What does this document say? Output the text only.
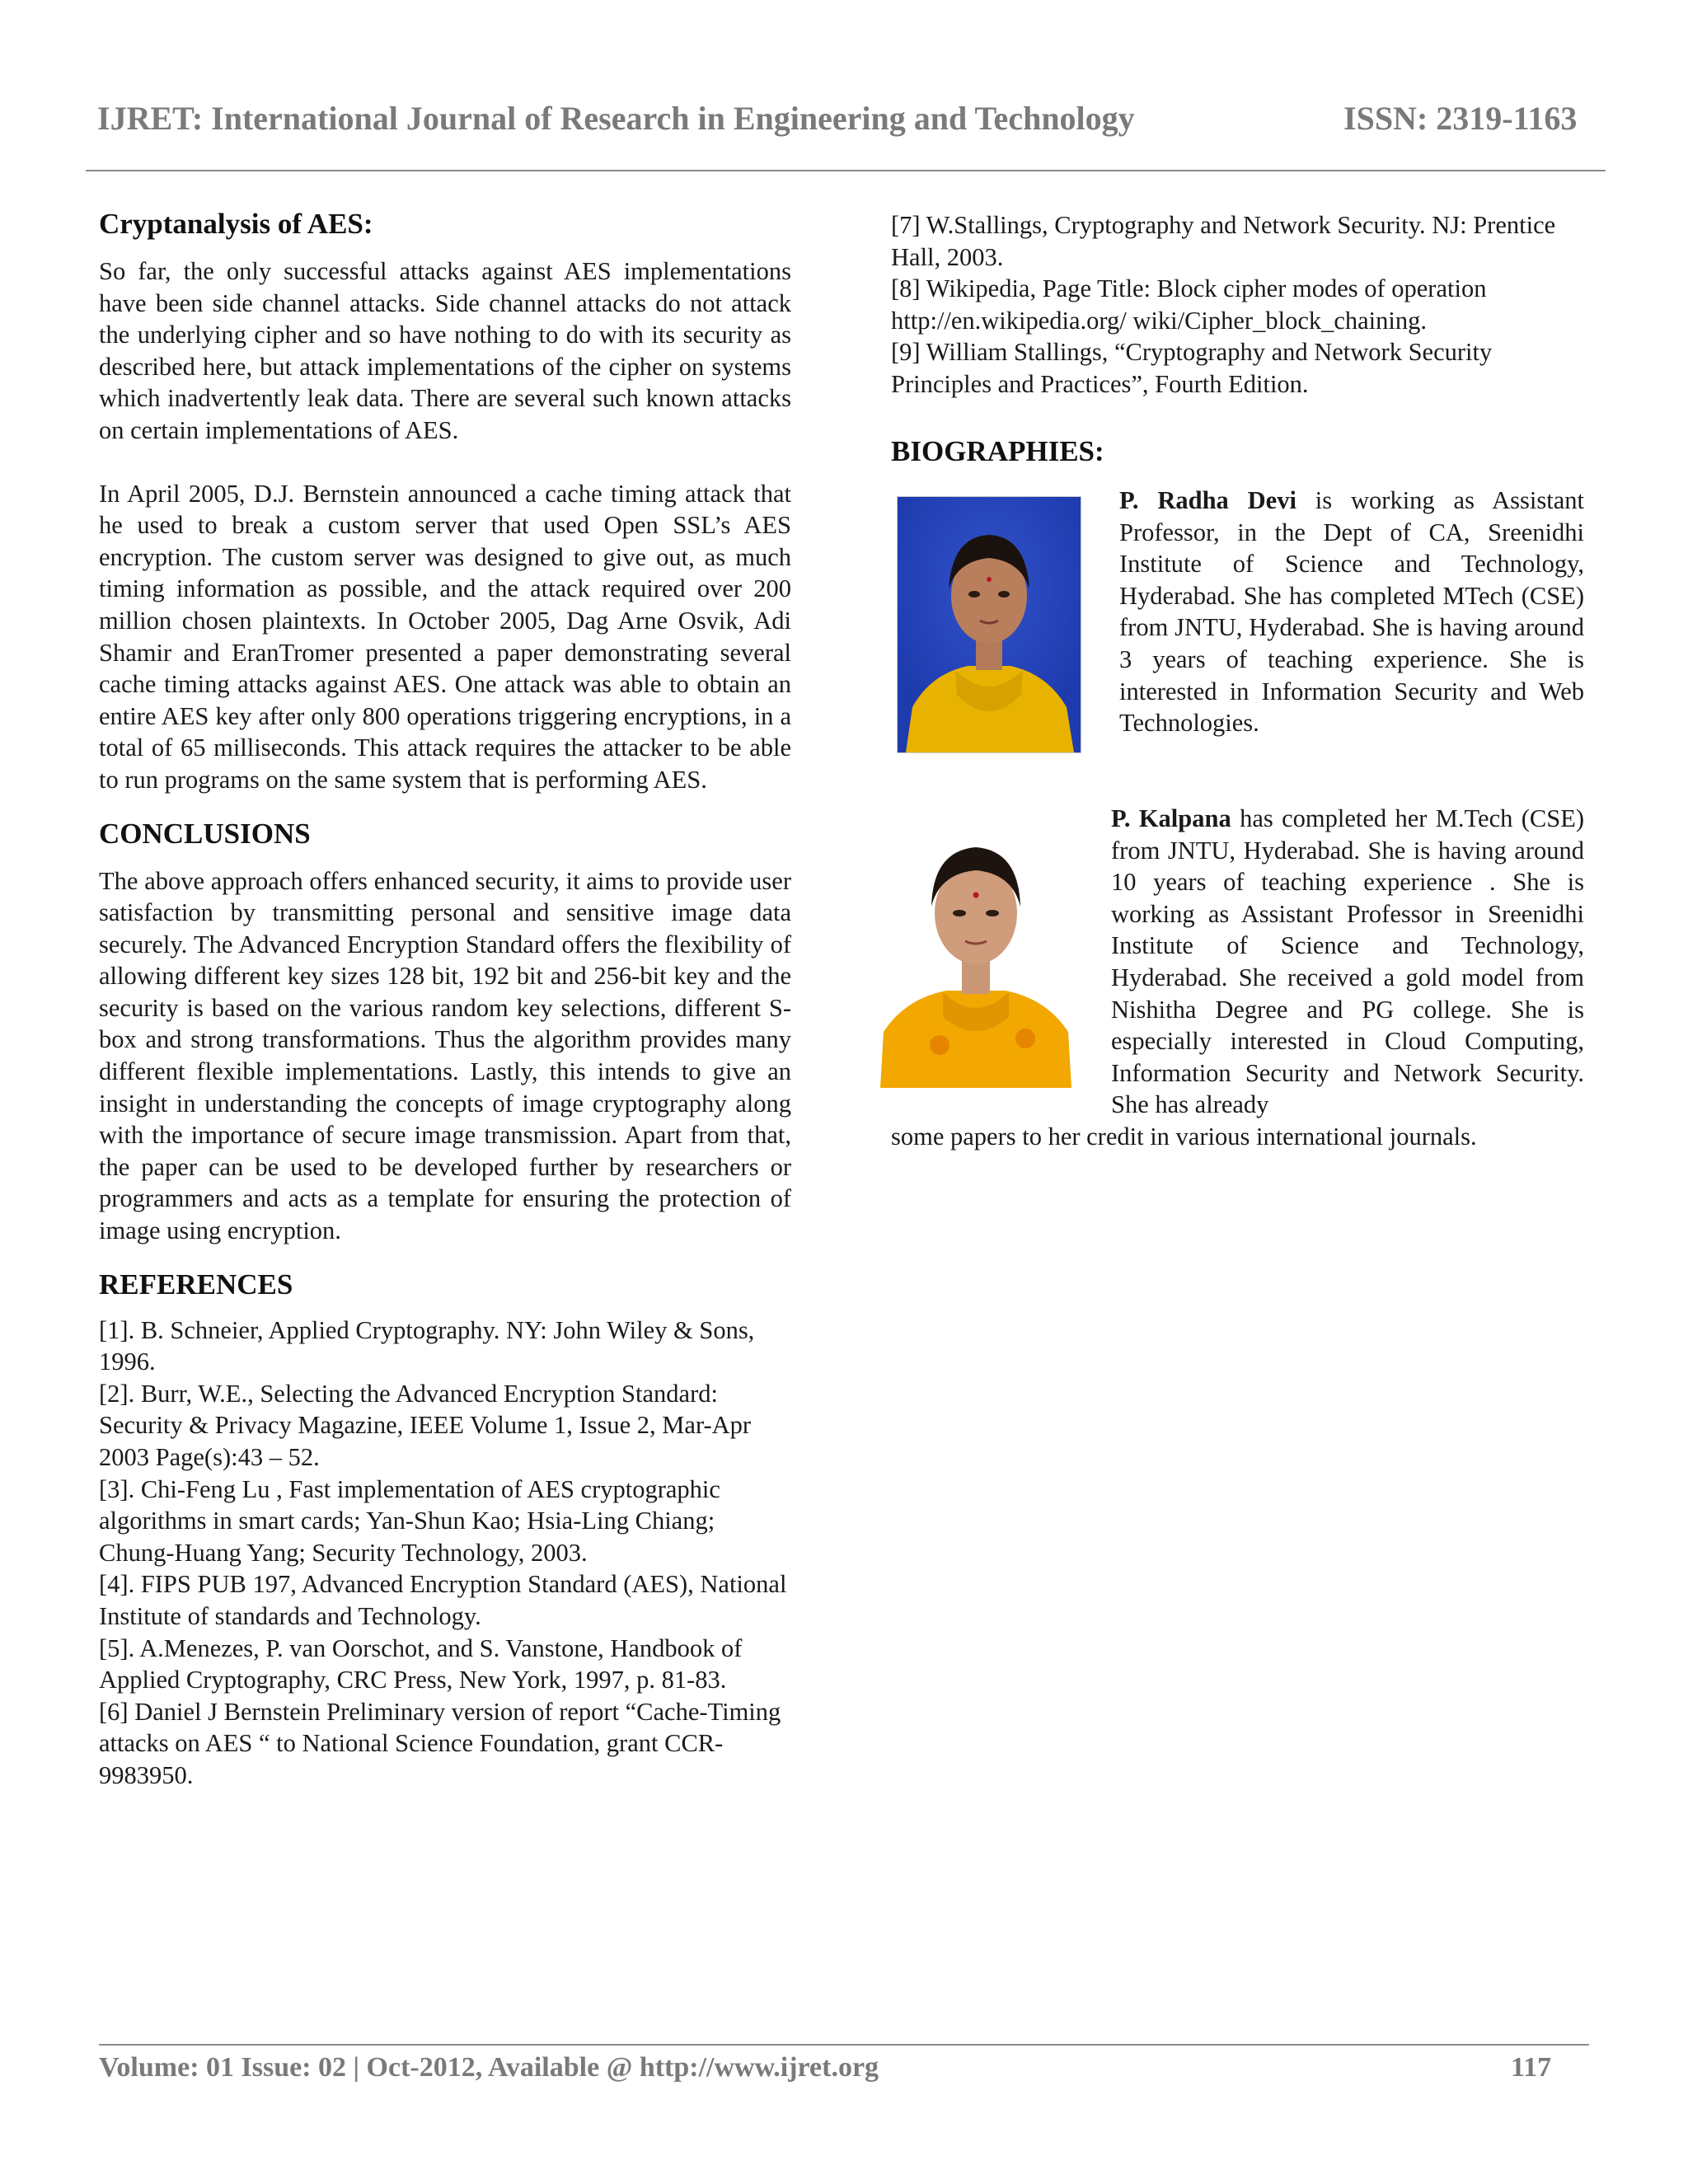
IJRET: International Journal of Research in Engineering and Technology	ISSN: 2319-1163
Cryptanalysis of AES:

So far, the only successful attacks against AES implementations have been side channel attacks. Side channel attacks do not attack the underlying cipher and so have nothing to do with its security as described here, but attack implementations of the cipher on systems which inadvertently leak data. There are several such known attacks on certain implementations of AES.

In April 2005, D.J. Bernstein announced a cache timing attack that he used to break a custom server that used Open SSL’s AES encryption. The custom server was designed to give out, as much timing information as possible, and the attack required over 200 million chosen plaintexts. In October 2005, Dag Arne Osvik, Adi Shamir and EranTromer presented a paper demonstrating several cache timing attacks against AES. One attack was able to obtain an entire AES key after only 800 operations triggering encryptions, in a total of 65 milliseconds. This attack requires the attacker to be able to run programs on the same system that is performing AES.

CONCLUSIONS

The above approach offers enhanced security, it aims to provide user satisfaction by transmitting personal and sensitive image data securely. The Advanced Encryption Standard offers the flexibility of allowing different key sizes 128 bit, 192 bit and 256-bit key and the security is based on the various random key selections, different S-box and strong transformations. Thus the algorithm provides many different flexible implementations. Lastly, this intends to give an insight in understanding the concepts of image cryptography along with the importance of secure image transmission. Apart from that, the paper can be used to be developed further by researchers or programmers and acts as a template for ensuring the protection of image using encryption.

REFERENCES

[1]. B. Schneier, Applied Cryptography. NY: John Wiley & Sons, 1996.

[2]. Burr, W.E., Selecting the Advanced Encryption Standard: Security & Privacy Magazine, IEEE Volume 1, Issue 2, Mar-Apr 2003 Page(s):43 – 52.

[3]. Chi-Feng Lu , Fast implementation of AES cryptographic algorithms in smart cards; Yan-Shun Kao; Hsia-Ling Chiang; Chung-Huang Yang; Security Technology, 2003.

[4]. FIPS PUB 197, Advanced Encryption Standard (AES), National Institute of standards and Technology.

[5]. A.Menezes, P. van Oorschot, and S. Vanstone, Handbook of Applied Cryptography, CRC Press, New York, 1997, p. 81-83.

[6] Daniel J Bernstein Preliminary version of report “Cache-Timing attacks on AES “ to National Science Foundation, grant CCR-9983950.

[7] W.Stallings, Cryptography and Network Security. NJ: Prentice Hall, 2003.

[8] Wikipedia, Page Title: Block cipher modes of operation http://en.wikipedia.org/ wiki/Cipher_block_chaining.

[9] William Stallings, “Cryptography and Network Security Principles and Practices”, Fourth Edition.

BIOGRAPHIES:
P. Radha Devi is working as Assistant Professor, in the Dept of CA, Sreenidhi Institute of Science and Technology, Hyderabad. She has completed MTech (CSE) from JNTU, Hyderabad. She is having around 3 years of teaching experience. She is interested in Information Security and Web Technologies.
P. Kalpana has completed her M.Tech (CSE) from JNTU, Hyderabad. She is having around 10 years of teaching experience . She is working as Assistant Professor in Sreenidhi Institute of Science and Technology, Hyderabad. She received a gold model from Nishitha Degree and PG college. She is especially interested in Cloud Computing, Information Security and Network Security. She has already
some papers to her credit in various international journals.
Volume: 01 Issue: 02 | Oct-2012, Available @ http://www.ijret.org	117
